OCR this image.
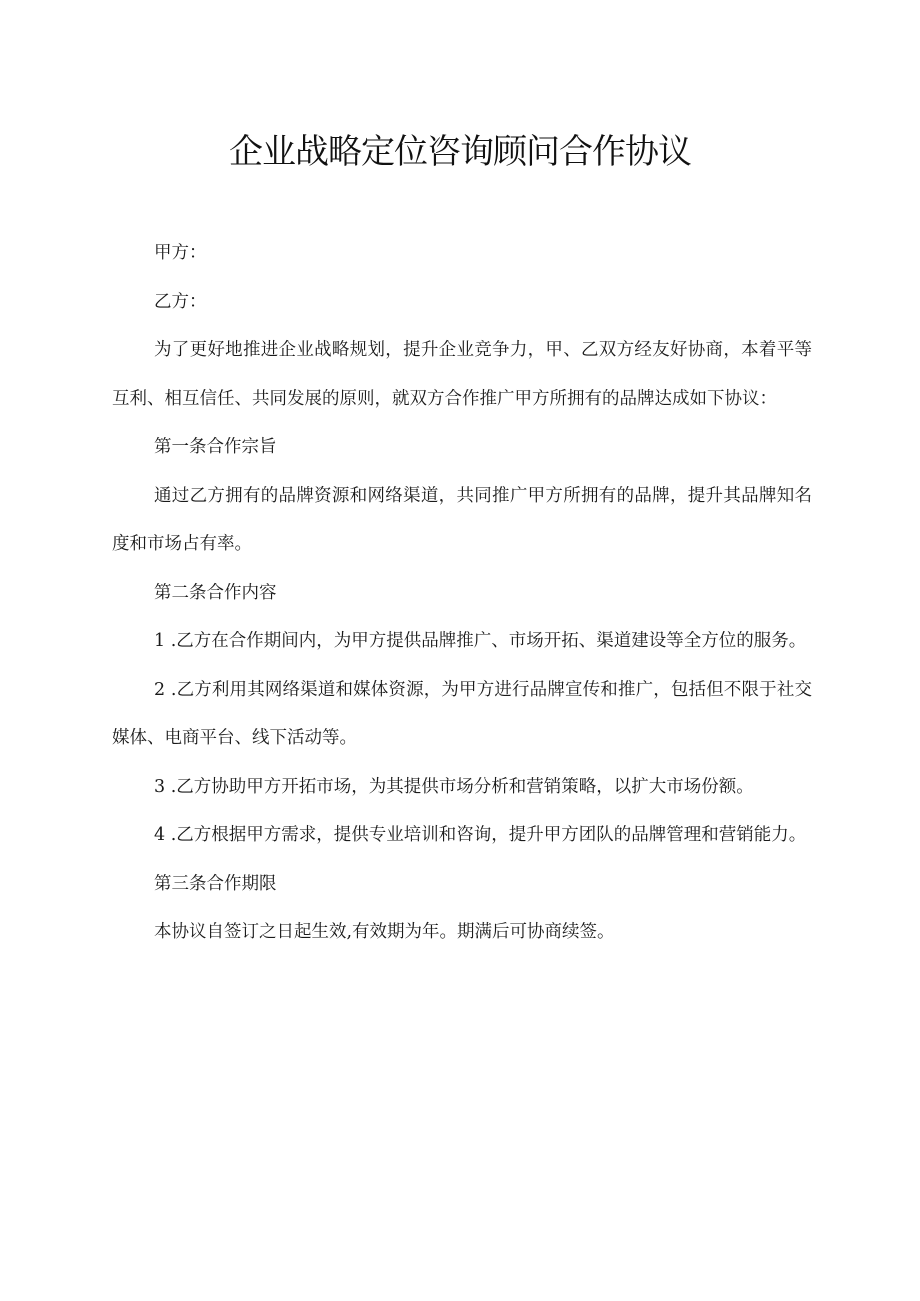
企业战略定位咨询顾问合作协议

甲方：

乙方：

为了更好地推进企业战略规划，提升企业竞争力，甲、乙双方经友好协商，本着平等互利、相互信任、共同发展的原则，就双方合作推广甲方所拥有的品牌达成如下协议：

第一条合作宗旨

通过乙方拥有的品牌资源和网络渠道，共同推广甲方所拥有的品牌，提升其品牌知名度和市场占有率。

第二条合作内容

1 .乙方在合作期间内，为甲方提供品牌推广、市场开拓、渠道建设等全方位的服务。

2 .乙方利用其网络渠道和媒体资源，为甲方进行品牌宣传和推广，包括但不限于社交媒体、电商平台、线下活动等。

3 .乙方协助甲方开拓市场，为其提供市场分析和营销策略，以扩大市场份额。

4 .乙方根据甲方需求，提供专业培训和咨询，提升甲方团队的品牌管理和营销能力。

第三条合作期限

本协议自签订之日起生效,有效期为年。期满后可协商续签。
